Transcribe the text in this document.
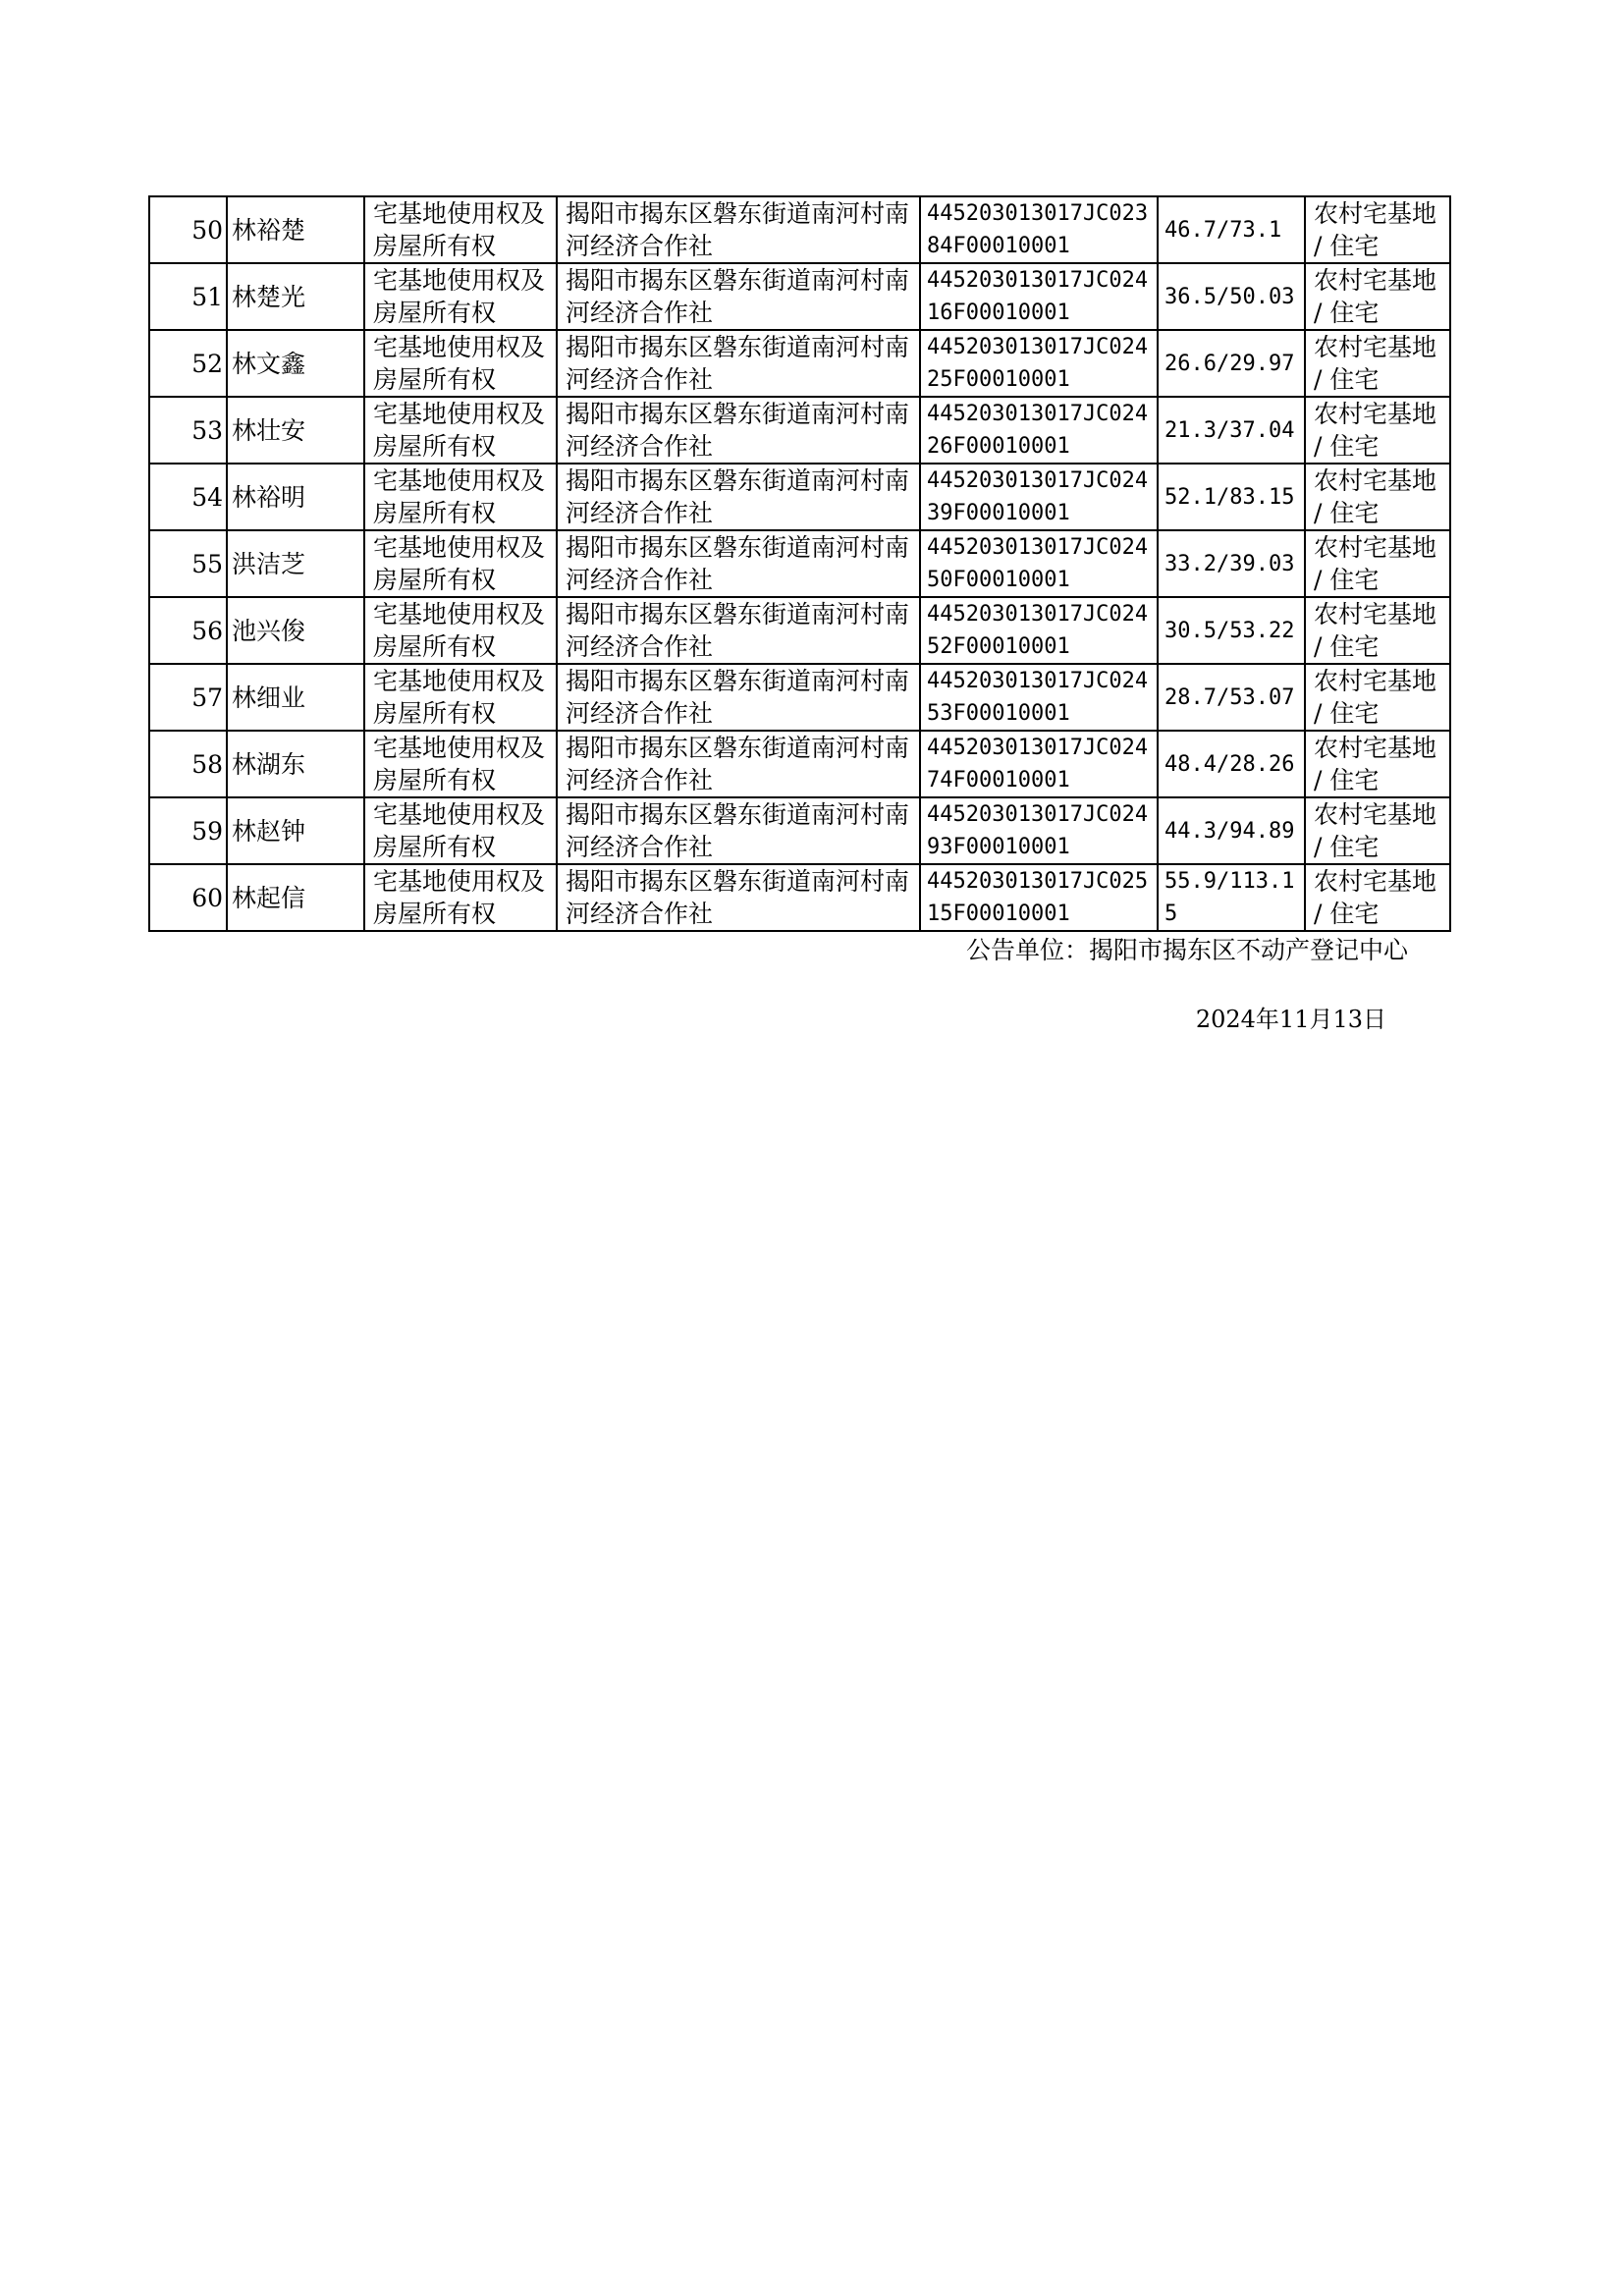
50	林裕楚	宅基地使用权及房屋所有权	揭阳市揭东区磐东街道南河村南河经济合作社	445203013017JC02384F00010001	46.7/73.1	农村宅基地 / 住宅
51	林楚光	宅基地使用权及房屋所有权	揭阳市揭东区磐东街道南河村南河经济合作社	445203013017JC02416F00010001	36.5/50.03	农村宅基地 / 住宅
52	林文鑫	宅基地使用权及房屋所有权	揭阳市揭东区磐东街道南河村南河经济合作社	445203013017JC02425F00010001	26.6/29.97	农村宅基地 / 住宅
53	林壮安	宅基地使用权及房屋所有权	揭阳市揭东区磐东街道南河村南河经济合作社	445203013017JC02426F00010001	21.3/37.04	农村宅基地 / 住宅
54	林裕明	宅基地使用权及房屋所有权	揭阳市揭东区磐东街道南河村南河经济合作社	445203013017JC02439F00010001	52.1/83.15	农村宅基地 / 住宅
55	洪洁芝	宅基地使用权及房屋所有权	揭阳市揭东区磐东街道南河村南河经济合作社	445203013017JC02450F00010001	33.2/39.03	农村宅基地 / 住宅
56	池兴俊	宅基地使用权及房屋所有权	揭阳市揭东区磐东街道南河村南河经济合作社	445203013017JC02452F00010001	30.5/53.22	农村宅基地 / 住宅
57	林细业	宅基地使用权及房屋所有权	揭阳市揭东区磐东街道南河村南河经济合作社	445203013017JC02453F00010001	28.7/53.07	农村宅基地 / 住宅
58	林湖东	宅基地使用权及房屋所有权	揭阳市揭东区磐东街道南河村南河经济合作社	445203013017JC02474F00010001	48.4/28.26	农村宅基地 / 住宅
59	林赵钟	宅基地使用权及房屋所有权	揭阳市揭东区磐东街道南河村南河经济合作社	445203013017JC02493F00010001	44.3/94.89	农村宅基地 / 住宅
60	林起信	宅基地使用权及房屋所有权	揭阳市揭东区磐东街道南河村南河经济合作社	445203013017JC02515F00010001	55.9/113.15	农村宅基地 / 住宅
公告单位：揭阳市揭东区不动产登记中心
2024年11月13日
